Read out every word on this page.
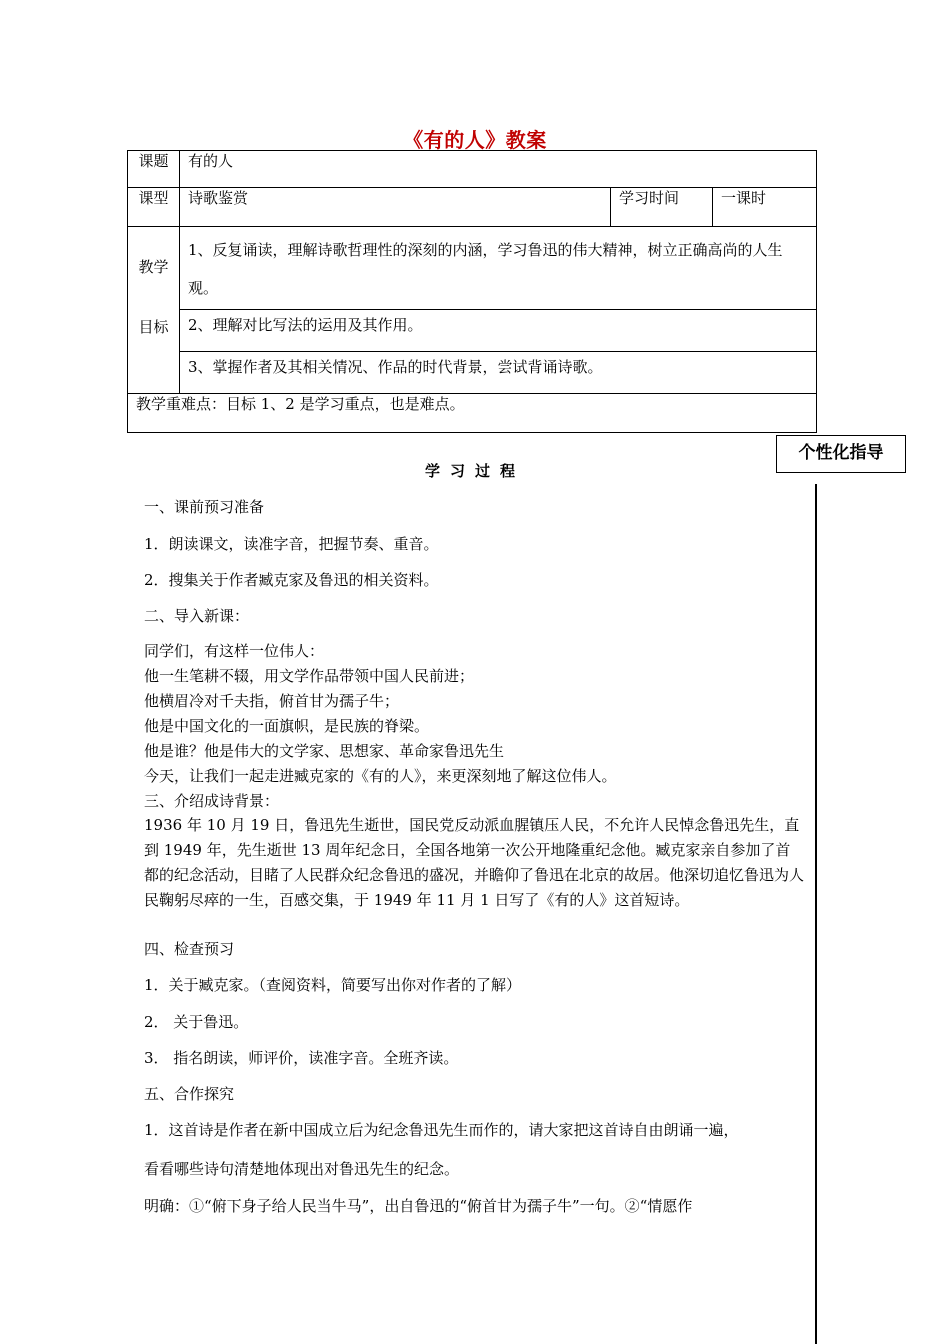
《有的人》教案
课题	有的人		
课型	诗歌鉴赏	学习时间	一课时

教学
目标	1、反复诵读，理解诗歌哲理性的深刻的内涵，学习鲁迅的伟大精神，树立正确高尚的人生观。		
	2、理解对比写法的运用及其作用。		
	3、掌握作者及其相关情况、作品的时代背景，尝试背诵诗歌。		
教学重难点：目标 1、2 是学习重点，也是难点。			
个性化指导
学习过程
一、课前预习准备
1．朗读课文，读准字音，把握节奏、重音。
2．搜集关于作者臧克家及鲁迅的相关资料。
二、导入新课：
同学们，有这样一位伟人：
他一生笔耕不辍，用文学作品带领中国人民前进；
他横眉冷对千夫指，俯首甘为孺子牛；
他是中国文化的一面旗帜，是民族的脊梁。
他是谁？他是伟大的文学家、思想家、革命家鲁迅先生
今天，让我们一起走进臧克家的《有的人》，来更深刻地了解这位伟人。
三、介绍成诗背景：
1936 年 10 月 19 日，鲁迅先生逝世，国民党反动派血腥镇压人民，不允许人民悼念鲁迅先生，直到 1949 年，先生逝世 13 周年纪念日，全国各地第一次公开地隆重纪念他。臧克家亲自参加了首都的纪念活动，目睹了人民群众纪念鲁迅的盛况，并瞻仰了鲁迅在北京的故居。他深切追忆鲁迅为人民鞠躬尽瘁的一生，百感交集，于 1949 年 11 月 1 日写了《有的人》这首短诗。
四、检查预习
1．关于臧克家。（查阅资料，简要写出你对作者的了解）
2． 关于鲁迅。
3． 指名朗读，师评价，读准字音。全班齐读。
五、合作探究
1．这首诗是作者在新中国成立后为纪念鲁迅先生而作的，请大家把这首诗自由朗诵一遍，
看看哪些诗句清楚地体现出对鲁迅先生的纪念。
明确：①“俯下身子给人民当牛马”，出自鲁迅的“俯首甘为孺子牛”一句。②“情愿作
